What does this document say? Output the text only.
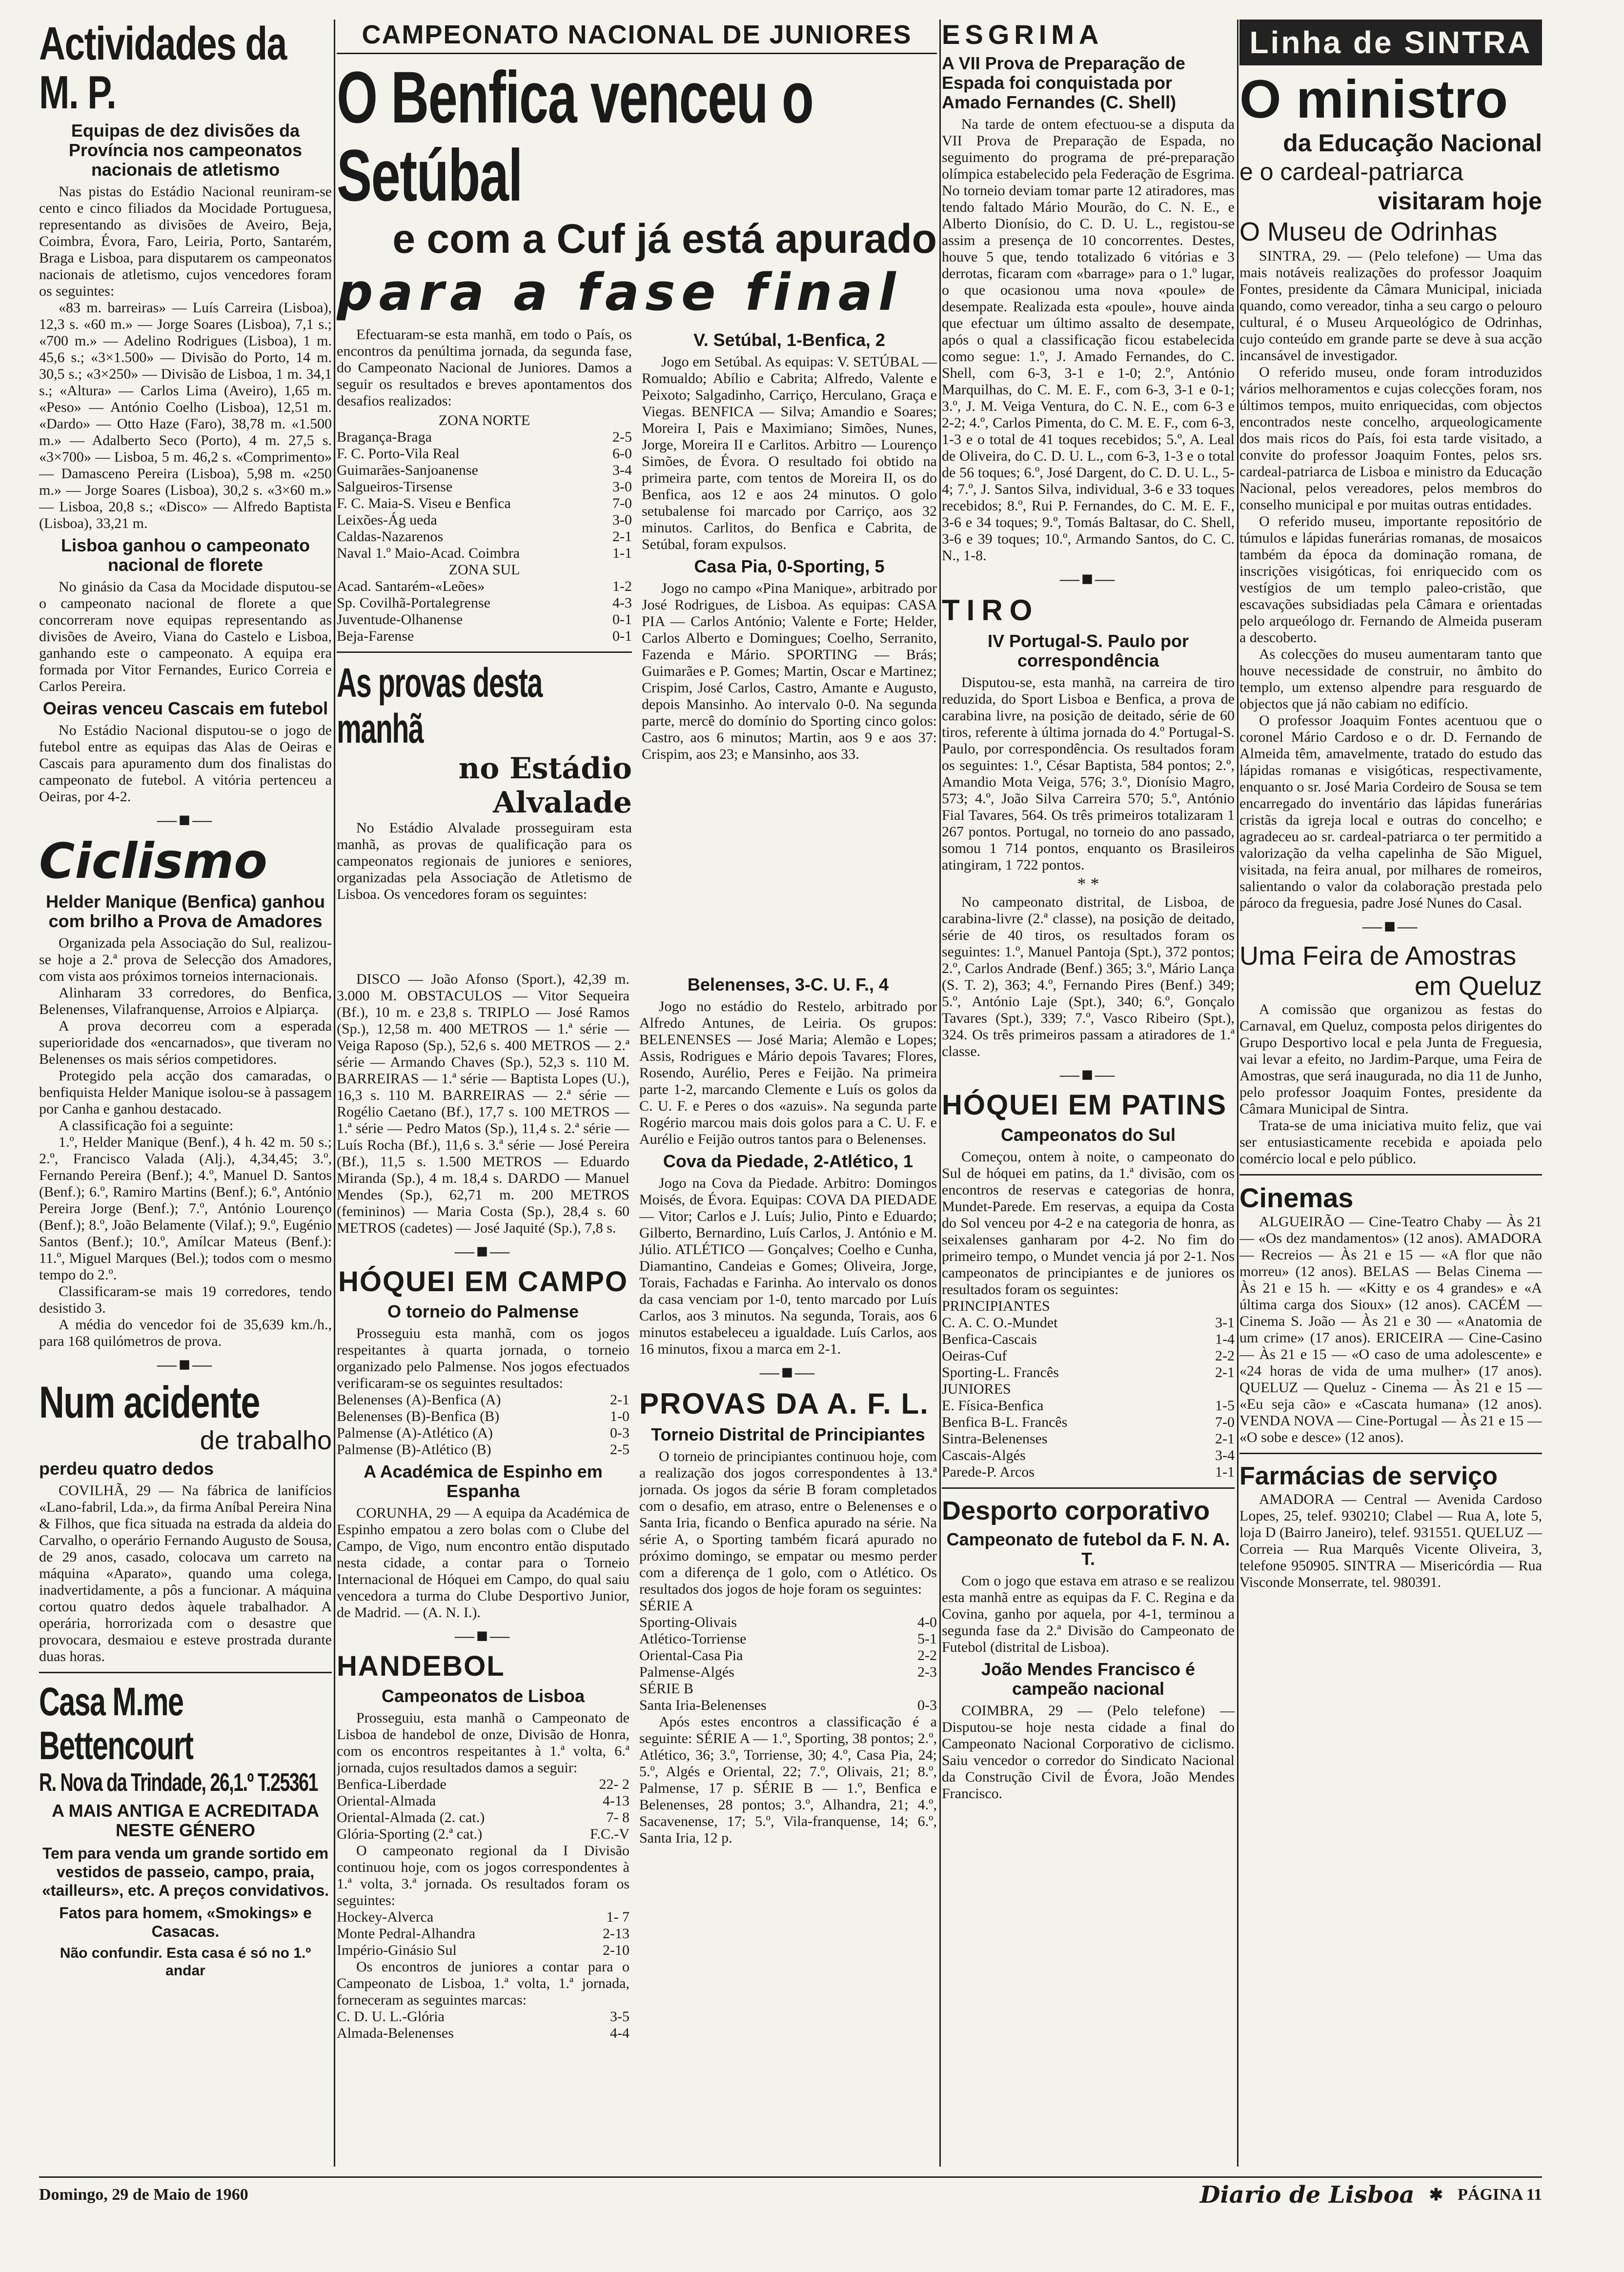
Actividades da M. P.
Equipas de dez divisões da Província nos campeonatos nacionais de atletismo

Nas pistas do Estádio Nacional reuniram-se cento e cinco filiados da Mocidade Portuguesa, representando as divisões de Aveiro, Beja, Coimbra, Évora, Faro, Leiria, Porto, Santarém, Braga e Lisboa, para disputarem os campeonatos nacionais de atletismo, cujos vencedores foram os seguintes:

«83 m. barreiras» — Luís Carreira (Lisboa), 12,3 s. «60 m.» — Jorge Soares (Lisboa), 7,1 s.; «700 m.» — Adelino Rodrigues (Lisboa), 1 m. 45,6 s.; «3×1.500» — Divisão do Porto, 14 m. 30,5 s.; «3×250» — Divisão de Lisboa, 1 m. 34,1 s.; «Altura» — Carlos Lima (Aveiro), 1,65 m. «Peso» — António Coelho (Lisboa), 12,51 m. «Dardo» — Otto Haze (Faro), 38,78 m. «1.500 m.» — Adalberto Seco (Porto), 4 m. 27,5 s. «3×700» — Lisboa, 5 m. 46,2 s. «Comprimento» — Damasceno Pereira (Lisboa), 5,98 m. «250 m.» — Jorge Soares (Lisboa), 30,2 s. «3×60 m.» — Lisboa, 20,8 s.; «Disco» — Alfredo Baptista (Lisboa), 33,21 m.

Lisboa ganhou o campeonato nacional de florete

No ginásio da Casa da Mocidade disputou-se o campeonato nacional de florete a que concorreram nove equipas representando as divisões de Aveiro, Viana do Castelo e Lisboa, ganhando este o campeonato. A equipa era formada por Vitor Fernandes, Eurico Correia e Carlos Pereira.

Oeiras venceu Cascais em futebol

No Estádio Nacional disputou-se o jogo de futebol entre as equipas das Alas de Oeiras e Cascais para apuramento dum dos finalistas do campeonato de futebol. A vitória pertenceu a Oeiras, por 4-2.

—■—
Ciclismo
Helder Manique (Benfica) ganhou com brilho a Prova de Amadores

Organizada pela Associação do Sul, realizou-se hoje a 2.ª prova de Selecção dos Amadores, com vista aos próximos torneios internacionais.

Alinharam 33 corredores, do Benfica, Belenenses, Vilafranquense, Arroios e Alpiarça.

A prova decorreu com a esperada superioridade dos «encarnados», que tiveram no Belenenses os mais sérios competidores.

Protegido pela acção dos camaradas, o benfiquista Helder Manique isolou-se à passagem por Canha e ganhou destacado.

A classificação foi a seguinte:

1.º, Helder Manique (Benf.), 4 h. 42 m. 50 s.; 2.º, Francisco Valada (Alj.), 4,34,45; 3.º, Fernando Pereira (Benf.); 4.º, Manuel D. Santos (Benf.); 6.º, Ramiro Martins (Benf.); 6.º, António Pereira Jorge (Benf.); 7.º, António Lourenço (Benf.); 8.º, João Belamente (Vilaf.); 9.º, Eugénio Santos (Benf.); 10.º, Amílcar Mateus (Benf.): 11.º, Miguel Marques (Bel.); todos com o mesmo tempo do 2.º.

Classificaram-se mais 19 corredores, tendo desistido 3.

A média do vencedor foi de 35,639 km./h., para 168 quilómetros de prova.

—■—
Num acidente
de trabalho
perdeu quatro dedos

COVILHÃ, 29 — Na fábrica de lanifícios «Lano-fabril, Lda.», da firma Aníbal Pereira Nina & Filhos, que fica situada na estrada da aldeia do Carvalho, o operário Fernando Augusto de Sousa, de 29 anos, casado, colocava um carreto na máquina «Aparato», quando uma colega, inadvertidamente, a pôs a funcionar. A máquina cortou quatro dedos àquele trabalhador. A operária, horrorizada com o desastre que provocara, desmaiou e esteve prostrada durante duas horas.

Casa M.me Bettencourt
R. Nova da Trindade, 26,1.º T.25361
A MAIS ANTIGA E ACREDITADA NESTE GÉNERO
Tem para venda um grande sortido em vestidos de passeio, campo, praia, «tailleurs», etc. A preços convidativos.
Fatos para homem, «Smokings» e Casacas.
Não confundir. Esta casa é só no 1.º andar
CAMPEONATO NACIONAL DE JUNIORES
O Benfica venceu o Setúbal
e com a Cuf já está apurado
para a fase final

Efectuaram-se esta manhã, em todo o País, os encontros da penúltima jornada, da segunda fase, do Campeonato Nacional de Juniores. Damos a seguir os resultados e breves apontamentos dos desafios realizados:

ZONA NORTE
Bragança-Braga	2-5
F. C. Porto-Vila Real	6-0
Guimarães-Sanjoanense	3-4
Salgueiros-Tirsense	3-0
F. C. Maia-S. Viseu e Benfica	7-0
Leixões-Ág ueda	3-0
Caldas-Nazarenos	2-1
Naval 1.º Maio-Acad. Coimbra	1-1
ZONA SUL
Acad. Santarém-«Leões»	1-2
Sp. Covilhã-Portalegrense	4-3
Juventude-Olhanense	0-1
Beja-Farense	0-1
As provas desta manhã
no Estádio Alvalade

No Estádio Alvalade prosseguiram esta manhã, as provas de qualificação para os campeonatos regionais de juniores e seniores, organizadas pela Associação de Atletismo de Lisboa. Os vencedores foram os seguintes:

V. Setúbal, 1-Benfica, 2

Jogo em Setúbal. As equipas: V. SETÚBAL — Romualdo; Abílio e Cabrita; Alfredo, Valente e Peixoto; Salgadinho, Carriço, Herculano, Graça e Viegas. BENFICA — Silva; Amandio e Soares; Moreira I, Pais e Maximiano; Simões, Nunes, Jorge, Moreira II e Carlitos. Arbitro — Lourenço Simões, de Évora. O resultado foi obtido na primeira parte, com tentos de Moreira II, os do Benfica, aos 12 e aos 24 minutos. O golo setubalense foi marcado por Carriço, aos 32 minutos. Carlitos, do Benfica e Cabrita, de Setúbal, foram expulsos.

Casa Pia, 0-Sporting, 5

Jogo no campo «Pina Manique», arbitrado por José Rodrigues, de Lisboa. As equipas: CASA PIA — Carlos António; Valente e Forte; Helder, Carlos Alberto e Domingues; Coelho, Serranito, Fazenda e Mário. SPORTING — Brás; Guimarães e P. Gomes; Martin, Oscar e Martinez; Crispim, José Carlos, Castro, Amante e Augusto, depois Mansinho. Ao intervalo 0-0. Na segunda parte, mercê do domínio do Sporting cinco golos: Castro, aos 6 minutos; Martin, aos 9 e aos 37: Crispim, aos 23; e Mansinho, aos 33.

DISCO — João Afonso (Sport.), 42,39 m. 3.000 M. OBSTACULOS — Vitor Sequeira (Bf.), 10 m. e 23,8 s. TRIPLO — José Ramos (Sp.), 12,58 m. 400 METROS — 1.ª série — Veiga Raposo (Sp.), 52,6 s. 400 METROS — 2.ª série — Armando Chaves (Sp.), 52,3 s. 110 M. BARREIRAS — 1.ª série — Baptista Lopes (U.), 16,3 s. 110 M. BARREIRAS — 2.ª série — Rogélio Caetano (Bf.), 17,7 s. 100 METROS — 1.ª série — Pedro Matos (Sp.), 11,4 s. 2.ª série — Luís Rocha (Bf.), 11,6 s. 3.ª série — José Pereira (Bf.), 11,5 s. 1.500 METROS — Eduardo Miranda (Sp.), 4 m. 18,4 s. DARDO — Manuel Mendes (Sp.), 62,71 m. 200 METROS (femininos) — Maria Costa (Sp.), 28,4 s. 60 METROS (cadetes) — José Jaquité (Sp.), 7,8 s.

—■—
HÓQUEI EM CAMPO
O torneio do Palmense

Prosseguiu esta manhã, com os jogos respeitantes à quarta jornada, o torneio organizado pelo Palmense. Nos jogos efectuados verificaram-se os seguintes resultados:

Belenenses (A)-Benfica (A)	2-1
Belenenses (B)-Benfica (B)	1-0
Palmense (A)-Atlético (A)	0-3
Palmense (B)-Atlético (B)	2-5
A Académica de Espinho em Espanha

CORUNHA, 29 — A equipa da Académica de Espinho empatou a zero bolas com o Clube del Campo, de Vigo, num encontro então disputado nesta cidade, a contar para o Torneio Internacional de Hóquei em Campo, do qual saiu vencedora a turma do Clube Desportivo Junior, de Madrid. — (A. N. I.).

—■—
HANDEBOL
Campeonatos de Lisboa

Prosseguiu, esta manhã o Campeonato de Lisboa de handebol de onze, Divisão de Honra, com os encontros respeitantes à 1.ª volta, 6.ª jornada, cujos resultados damos a seguir:

Benfica-Liberdade	22- 2
Oriental-Almada	4-13
Oriental-Almada (2. cat.)	7- 8
Glória-Sporting (2.ª cat.)	F.C.-V

O campeonato regional da I Divisão continuou hoje, com os jogos correspondentes à 1.ª volta, 3.ª jornada. Os resultados foram os seguintes:

Hockey-Alverca	1- 7
Monte Pedral-Alhandra	2-13
Império-Ginásio Sul	2-10

Os encontros de juniores a contar para o Campeonato de Lisboa, 1.ª volta, 1.ª jornada, forneceram as seguintes marcas:

C. D. U. L.-Glória	3-5
Almada-Belenenses	4-4
Belenenses, 3-C. U. F., 4

Jogo no estádio do Restelo, arbitrado por Alfredo Antunes, de Leiria. Os grupos: BELENENSES — José Maria; Alemão e Lopes; Assis, Rodrigues e Mário depois Tavares; Flores, Rosendo, Aurélio, Peres e Feijão. Na primeira parte 1-2, marcando Clemente e Luís os golos da C. U. F. e Peres o dos «azuis». Na segunda parte Rogério marcou mais dois golos para a C. U. F. e Aurélio e Feijão outros tantos para o Belenenses.

Cova da Piedade, 2-Atlético, 1

Jogo na Cova da Piedade. Arbitro: Domingos Moisés, de Évora. Equipas: COVA DA PIEDADE — Vitor; Carlos e J. Luís; Julio, Pinto e Eduardo; Gilberto, Bernardino, Luís Carlos, J. António e M. Júlio. ATLÉTICO — Gonçalves; Coelho e Cunha, Diamantino, Candeias e Gomes; Oliveira, Jorge, Torais, Fachadas e Farinha. Ao intervalo os donos da casa venciam por 1-0, tento marcado por Luís Carlos, aos 3 minutos. Na segunda, Torais, aos 6 minutos estabeleceu a igualdade. Luís Carlos, aos 16 minutos, fixou a marca em 2-1.

—■—
PROVAS DA A. F. L.
Torneio Distrital de Principiantes

O torneio de principiantes continuou hoje, com a realização dos jogos correspondentes à 13.ª jornada. Os jogos da série B foram completados com o desafio, em atraso, entre o Belenenses e o Santa Iria, ficando o Benfica apurado na série. Na série A, o Sporting também ficará apurado no próximo domingo, se empatar ou mesmo perder com a diferença de 1 golo, com o Atlético. Os resultados dos jogos de hoje foram os seguintes:

SÉRIE A
Sporting-Olivais	4-0
Atlético-Torriense	5-1
Oriental-Casa Pia	2-2
Palmense-Algés	2-3
SÉRIE B
Santa Iria-Belenenses	0-3

Após estes encontros a classificação é a seguinte: SÉRIE A — 1.º, Sporting, 38 pontos; 2.º, Atlético, 36; 3.º, Torriense, 30; 4.º, Casa Pia, 24; 5.º, Algés e Oriental, 22; 7.º, Olivais, 21; 8.º, Palmense, 17 p. SÉRIE B — 1.º, Benfica e Belenenses, 28 pontos; 3.º, Alhandra, 21; 4.º, Sacavenense, 17; 5.º, Vila-franquense, 14; 6.º, Santa Iria, 12 p.

ESGRIMA
A VII Prova de Preparação de Espada foi conquistada por Amado Fernandes (C. Shell)

Na tarde de ontem efectuou-se a disputa da VII Prova de Preparação de Espada, no seguimento do programa de pré-preparação olímpica estabelecido pela Federação de Esgrima. No torneio deviam tomar parte 12 atiradores, mas tendo faltado Mário Mourão, do C. N. E., e Alberto Dionísio, do C. D. U. L., registou-se assim a presença de 10 concorrentes. Destes, houve 5 que, tendo totalizado 6 vitórias e 3 derrotas, ficaram com «barrage» para o 1.º lugar, o que ocasionou uma nova «poule» de desempate. Realizada esta «poule», houve ainda que efectuar um último assalto de desempate, após o qual a classificação ficou estabelecida como segue: 1.º, J. Amado Fernandes, do C. Shell, com 6-3, 3-1 e 1-0; 2.º, António Marquilhas, do C. M. E. F., com 6-3, 3-1 e 0-1; 3.º, J. M. Veiga Ventura, do C. N. E., com 6-3 e 2-2; 4.º, Carlos Pimenta, do C. M. E. F., com 6-3, 1-3 e o total de 41 toques recebidos; 5.º, A. Leal de Oliveira, do C. D. U. L., com 6-3, 1-3 e o total de 56 toques; 6.º, José Dargent, do C. D. U. L., 5-4; 7.º, J. Santos Silva, individual, 3-6 e 33 toques recebidos; 8.º, Rui P. Fernandes, do C. M. E. F., 3-6 e 34 toques; 9.º, Tomás Baltasar, do C. Shell, 3-6 e 39 toques; 10.º, Armando Santos, do C. C. N., 1-8.

—■—
TIRO
IV Portugal-S. Paulo por correspondência

Disputou-se, esta manhã, na carreira de tiro reduzida, do Sport Lisboa e Benfica, a prova de carabina livre, na posição de deitado, série de 60 tiros, referente à última jornada do 4.º Portugal-S. Paulo, por correspondência. Os resultados foram os seguintes: 1.º, César Baptista, 584 pontos; 2.º, Amandio Mota Veiga, 576; 3.º, Dionísio Magro, 573; 4.º, João Silva Carreira 570; 5.º, António Fial Tavares, 564. Os três primeiros totalizaram 1 267 pontos. Portugal, no torneio do ano passado, somou 1 714 pontos, enquanto os Brasileiros atingiram, 1 722 pontos.

* *

No campeonato distrital, de Lisboa, de carabina-livre (2.ª classe), na posição de deitado, série de 40 tiros, os resultados foram os seguintes: 1.º, Manuel Pantoja (Spt.), 372 pontos; 2.º, Carlos Andrade (Benf.) 365; 3.º, Mário Lança (S. T. 2), 363; 4.º, Fernando Pires (Benf.) 349; 5.º, António Laje (Spt.), 340; 6.º, Gonçalo Tavares (Spt.), 339; 7.º, Vasco Ribeiro (Spt.), 324. Os três primeiros passam a atiradores de 1.ª classe.

—■—
HÓQUEI EM PATINS
Campeonatos do Sul

Começou, ontem à noite, o campeonato do Sul de hóquei em patins, da 1.ª divisão, com os encontros de reservas e categorias de honra, Mundet-Parede. Em reservas, a equipa da Costa do Sol venceu por 4-2 e na categoria de honra, as seixalenses ganharam por 4-2. No fim do primeiro tempo, o Mundet vencia já por 2-1. Nos campeonatos de principiantes e de juniores os resultados foram os seguintes:

PRINCIPIANTES
C. A. C. O.-Mundet	3-1
Benfica-Cascais	1-4
Oeiras-Cuf	2-2
Sporting-L. Francês	2-1
JUNIORES
E. Física-Benfica	1-5
Benfica B-L. Francês	7-0
Sintra-Belenenses	2-1
Cascais-Algés	3-4
Parede-P. Arcos	1-1
Desporto corporativo
Campeonato de futebol da F. N. A. T.

Com o jogo que estava em atraso e se realizou esta manhã entre as equipas da F. C. Regina e da Covina, ganho por aquela, por 4-1, terminou a segunda fase da 2.ª Divisão do Campeonato de Futebol (distrital de Lisboa).

João Mendes Francisco é campeão nacional

COIMBRA, 29 — (Pelo telefone) — Disputou-se hoje nesta cidade a final do Campeonato Nacional Corporativo de ciclismo. Saiu vencedor o corredor do Sindicato Nacional da Construção Civil de Évora, João Mendes Francisco.

Linha de SINTRA
O ministro
da Educação Nacional
e o cardeal-patriarca
visitaram hoje
O Museu de Odrinhas

SINTRA, 29. — (Pelo telefone) — Uma das mais notáveis realizações do professor Joaquim Fontes, presidente da Câmara Municipal, iniciada quando, como vereador, tinha a seu cargo o pelouro cultural, é o Museu Arqueológico de Odrinhas, cujo conteúdo em grande parte se deve à sua acção incansável de investigador.

O referido museu, onde foram introduzidos vários melhoramentos e cujas colecções foram, nos últimos tempos, muito enriquecidas, com objectos encontrados neste concelho, arqueologicamente dos mais ricos do País, foi esta tarde visitado, a convite do professor Joaquim Fontes, pelos srs. cardeal-patriarca de Lisboa e ministro da Educação Nacional, pelos vereadores, pelos membros do conselho municipal e por muitas outras entidades.

O referido museu, importante repositório de túmulos e lápidas funerárias romanas, de mosaicos também da época da dominação romana, de inscrições visigóticas, foi enriquecido com os vestígios de um templo paleo-cristão, que escavações subsidiadas pela Câmara e orientadas pelo arqueólogo dr. Fernando de Almeida puseram a descoberto.

As colecções do museu aumentaram tanto que houve necessidade de construir, no âmbito do templo, um extenso alpendre para resguardo de objectos que já não cabiam no edifício.

O professor Joaquim Fontes acentuou que o coronel Mário Cardoso e o dr. D. Fernando de Almeida têm, amavelmente, tratado do estudo das lápidas romanas e visigóticas, respectivamente, enquanto o sr. José Maria Cordeiro de Sousa se tem encarregado do inventário das lápidas funerárias cristãs da igreja local e outras do concelho; e agradeceu ao sr. cardeal-patriarca o ter permitido a valorização da velha capelinha de São Miguel, visitada, na feira anual, por milhares de romeiros, salientando o valor da colaboração prestada pelo pároco da freguesia, padre José Nunes do Casal.

—■—
Uma Feira de Amostras
em Queluz

A comissão que organizou as festas do Carnaval, em Queluz, composta pelos dirigentes do Grupo Desportivo local e pela Junta de Freguesia, vai levar a efeito, no Jardim-Parque, uma Feira de Amostras, que será inaugurada, no dia 11 de Junho, pelo professor Joaquim Fontes, presidente da Câmara Municipal de Sintra.

Trata-se de uma iniciativa muito feliz, que vai ser entusiasticamente recebida e apoiada pelo comércio local e pelo público.

Cinemas

ALGUEIRÃO — Cine-Teatro Chaby — Às 21 — «Os dez mandamentos» (12 anos). AMADORA — Recreios — Às 21 e 15 — «A flor que não morreu» (12 anos). BELAS — Belas Cinema — Às 21 e 15 h. — «Kitty e os 4 grandes» e «A última carga dos Sioux» (12 anos). CACÉM — Cinema S. João — Às 21 e 30 — «Anatomia de um crime» (17 anos). ERICEIRA — Cine-Casino — Às 21 e 15 — «O caso de uma adolescente» e «24 horas de vida de uma mulher» (17 anos). QUELUZ — Queluz - Cinema — Às 21 e 15 — «Eu seja cão» e «Cascata humana» (12 anos). VENDA NOVA — Cine-Portugal — Às 21 e 15 — «O sobe e desce» (12 anos).

Farmácias de serviço

AMADORA — Central — Avenida Cardoso Lopes, 25, telef. 930210; Clabel — Rua A, lote 5, loja D (Bairro Janeiro), telef. 931551. QUELUZ — Correia — Rua Marquês Vicente Oliveira, 3, telefone 950905. SINTRA — Misericórdia — Rua Visconde Monserrate, tel. 980391.

Domingo, 29 de Maio de 1960	Diario de Lisboa ✱ PÁGINA 11
